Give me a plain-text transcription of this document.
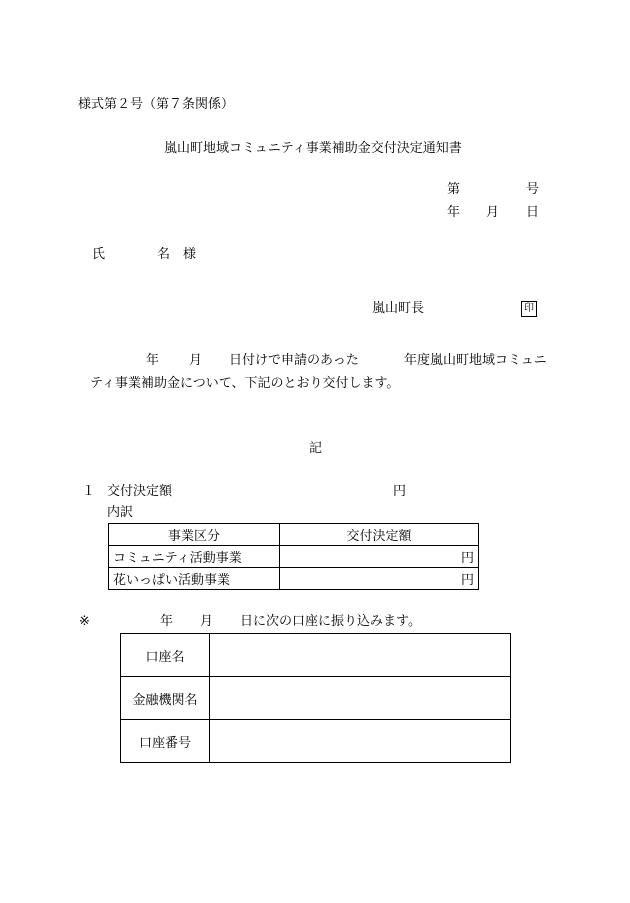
様式第２号（第７条関係）
嵐山町地域コミュニティ事業補助金交付決定通知書
第	号
年 月 日
氏	名 様
嵐山町長	印
年 月 日付けで申請のあった	年度嵐山町地域コミュニ
ティ事業補助金について、下記のとおり交付します。
記
１ 交付決定額	円
内訳
事業区分	交付決定額
コミュニティ活動事業	円
花いっぱい活動事業	円
※	年 月 日に次の口座に振り込みます。
口座名	
金融機関名	
口座番号	
